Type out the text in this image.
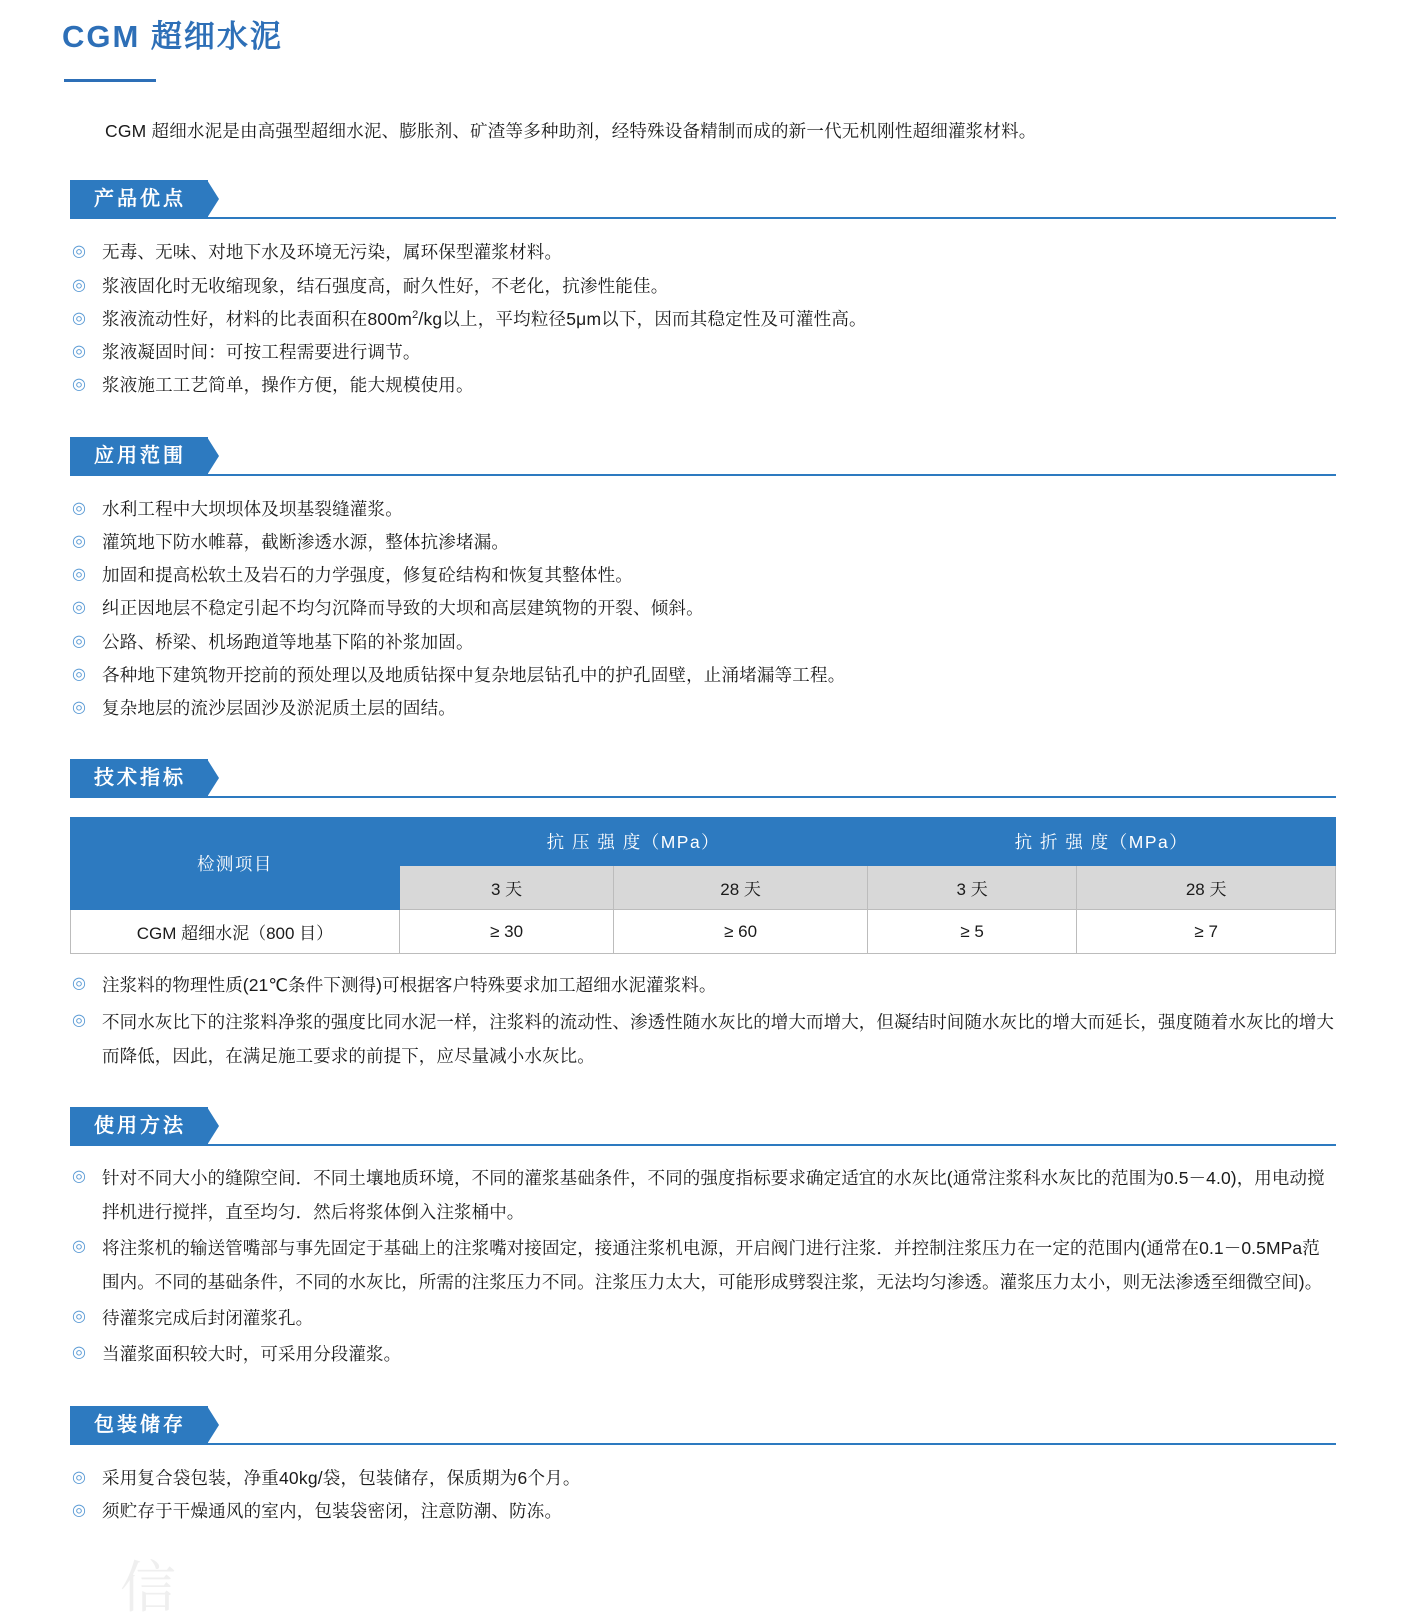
CGM 超细水泥

CGM 超细水泥是由高强型超细水泥、膨胀剂、矿渣等多种助剂，经特殊设备精制而成的新一代无机刚性超细灌浆材料。

产品优点
◎ 无毒、无味、对地下水及环境无污染，属环保型灌浆材料。
◎ 浆液固化时无收缩现象，结石强度高，耐久性好，不老化，抗渗性能佳。
◎ 浆液流动性好，材料的比表面积在$800m^2/kg$以上，平均粒径5μm以下，因而其稳定性及可灌性高。
◎ 浆液凝固时间：可按工程需要进行调节。
◎ 浆液施工工艺简单，操作方便，能大规模使用。
应用范围
◎ 水利工程中大坝坝体及坝基裂缝灌浆。
◎ 灌筑地下防水帷幕，截断渗透水源，整体抗渗堵漏。
◎ 加固和提高松软土及岩石的力学强度，修复砼结构和恢复其整体性。
◎ 纠正因地层不稳定引起不均匀沉降而导致的大坝和高层建筑物的开裂、倾斜。
◎ 公路、桥梁、机场跑道等地基下陷的补浆加固。
◎ 各种地下建筑物开挖前的预处理以及地质钻探中复杂地层钻孔中的护孔固壁，止涌堵漏等工程。
◎ 复杂地层的流沙层固沙及淤泥质土层的固结。
技术指标
检测项目	抗 压 强 度（MPa）		抗 折 强 度（MPa）	
	3 天	28 天	3 天	28 天
CGM 超细水泥（800 目）	≥ 30	≥ 60	≥ 5	≥ 7
◎ 注浆料的物理性质(21℃条件下测得)可根据客户特殊要求加工超细水泥灌浆料。
◎ 不同水灰比下的注浆料净浆的强度比同水泥一样，注浆料的流动性、渗透性随水灰比的增大而增大，但凝结时间随水灰比的增大而延长，强度随着水灰比的增大而降低，因此，在满足施工要求的前提下，应尽量减小水灰比。
使用方法
◎ 针对不同大小的缝隙空间．不同土壤地质环境，不同的灌浆基础条件，不同的强度指标要求确定适宜的水灰比(通常注浆科水灰比的范围为0.5－4.0)，用电动搅拌机进行搅拌，直至均匀．然后将浆体倒入注浆桶中。
◎ 将注浆机的输送管嘴部与事先固定于基础上的注浆嘴对接固定，接通注浆机电源，开启阀门进行注浆．并控制注浆压力在一定的范围内(通常在0.1－0.5MPa范围内。不同的基础条件，不同的水灰比，所需的注浆压力不同。注浆压力太大，可能形成劈裂注浆，无法均匀渗透。灌浆压力太小，则无法渗透至细微空间)。
◎ 待灌浆完成后封闭灌浆孔。
◎ 当灌浆面积较大时，可采用分段灌浆。
包装储存
◎ 采用复合袋包装，净重40kg/袋，包装储存，保质期为6个月。
◎ 须贮存于干燥通风的室内，包装袋密闭，注意防潮、防冻。
信
